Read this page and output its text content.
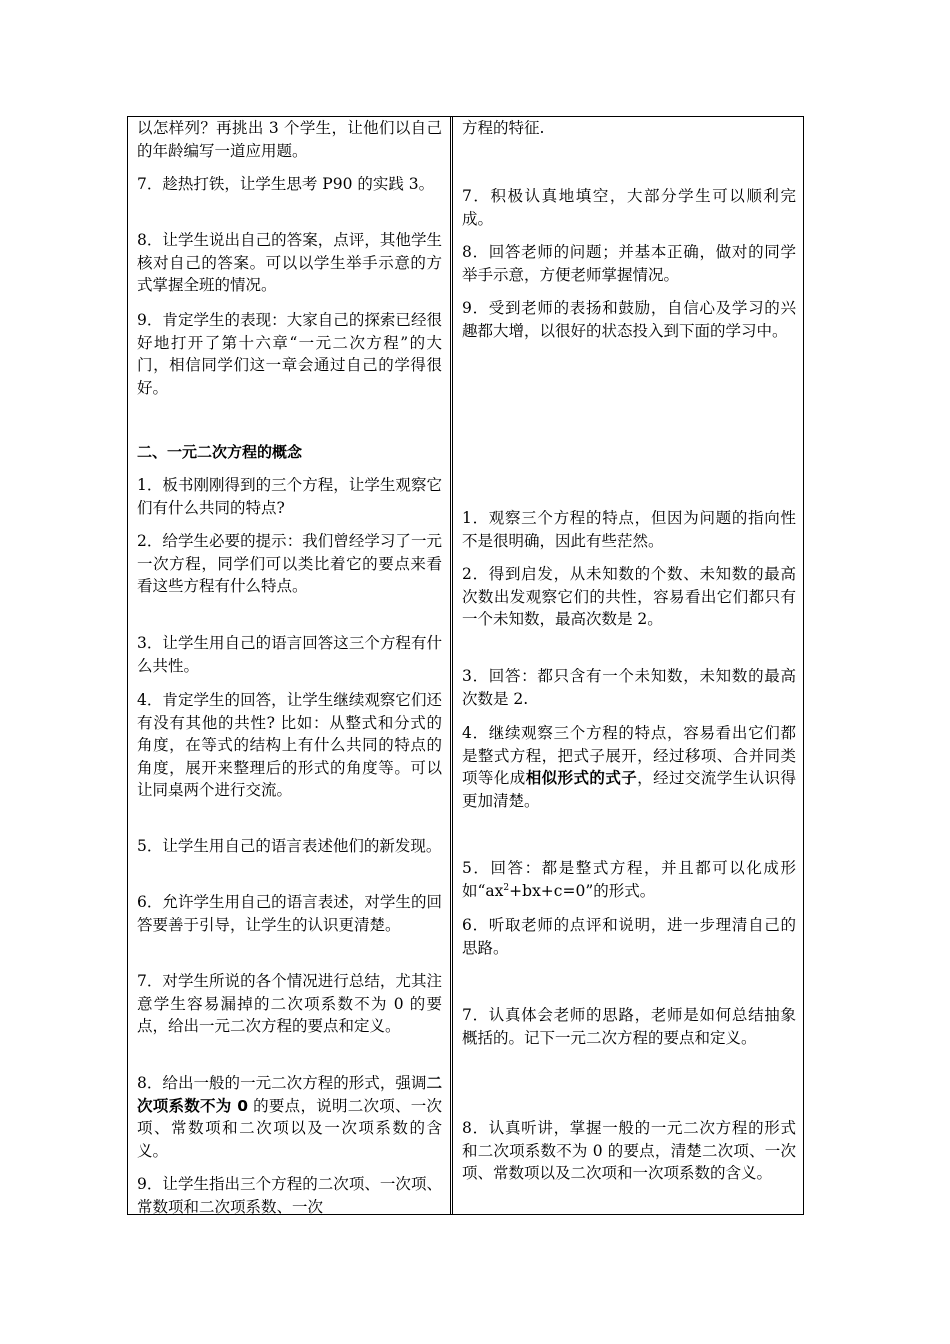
以怎样列？再挑出 3 个学生，让他们以自己的年龄编写一道应用题。

7．趁热打铁，让学生思考 P90 的实践 3。

8．让学生说出自己的答案，点评，其他学生核对自己的答案。可以以学生举手示意的方式掌握全班的情况。

9．肯定学生的表现：大家自己的探索已经很好地打开了第十六章“一元二次方程”的大门，相信同学们这一章会通过自己的学得很好。

二、一元二次方程的概念

1．板书刚刚得到的三个方程，让学生观察它们有什么共同的特点?

2．给学生必要的提示：我们曾经学习了一元一次方程，同学们可以类比着它的要点来看看这些方程有什么特点。

3．让学生用自己的语言回答这三个方程有什么共性。

4．肯定学生的回答，让学生继续观察它们还有没有其他的共性? 比如：从整式和分式的角度，在等式的结构上有什么共同的特点的角度，展开来整理后的形式的角度等。可以让同桌两个进行交流。

5．让学生用自己的语言表述他们的新发现。

6．允许学生用自己的语言表述，对学生的回答要善于引导，让学生的认识更清楚。

7．对学生所说的各个情况进行总结，尤其注意学生容易漏掉的二次项系数不为 0 的要点，给出一元二次方程的要点和定义。

8．给出一般的一元二次方程的形式，强调二次项系数不为 0 的要点，说明二次项、一次项、常数项和二次项以及一次项系数的含义。

9．让学生指出三个方程的二次项、一次项、常数项和二次项系数、一次

方程的特征.

7．积极认真地填空，大部分学生可以顺利完成。

8．回答老师的问题；并基本正确，做对的同学举手示意，方便老师掌握情况。

9．受到老师的表扬和鼓励，自信心及学习的兴趣都大增，以很好的状态投入到下面的学习中。

1．观察三个方程的特点，但因为问题的指向性不是很明确，因此有些茫然。

2．得到启发，从未知数的个数、未知数的最高次数出发观察它们的共性，容易看出它们都只有一个未知数，最高次数是 2。

3．回答：都只含有一个未知数，未知数的最高次数是 2.

4．继续观察三个方程的特点，容易看出它们都是整式方程，把式子展开，经过移项、合并同类项等化成相似形式的式子，经过交流学生认识得更加清楚。

5．回答：都是整式方程，并且都可以化成形如“$ax^2+bx+c=0$”的形式。

6．听取老师的点评和说明，进一步理清自己的思路。

7．认真体会老师的思路，老师是如何总结抽象概括的。记下一元二次方程的要点和定义。

8．认真听讲，掌握一般的一元二次方程的形式和二次项系数不为 0 的要点，清楚二次项、一次项、常数项以及二次项和一次项系数的含义。
